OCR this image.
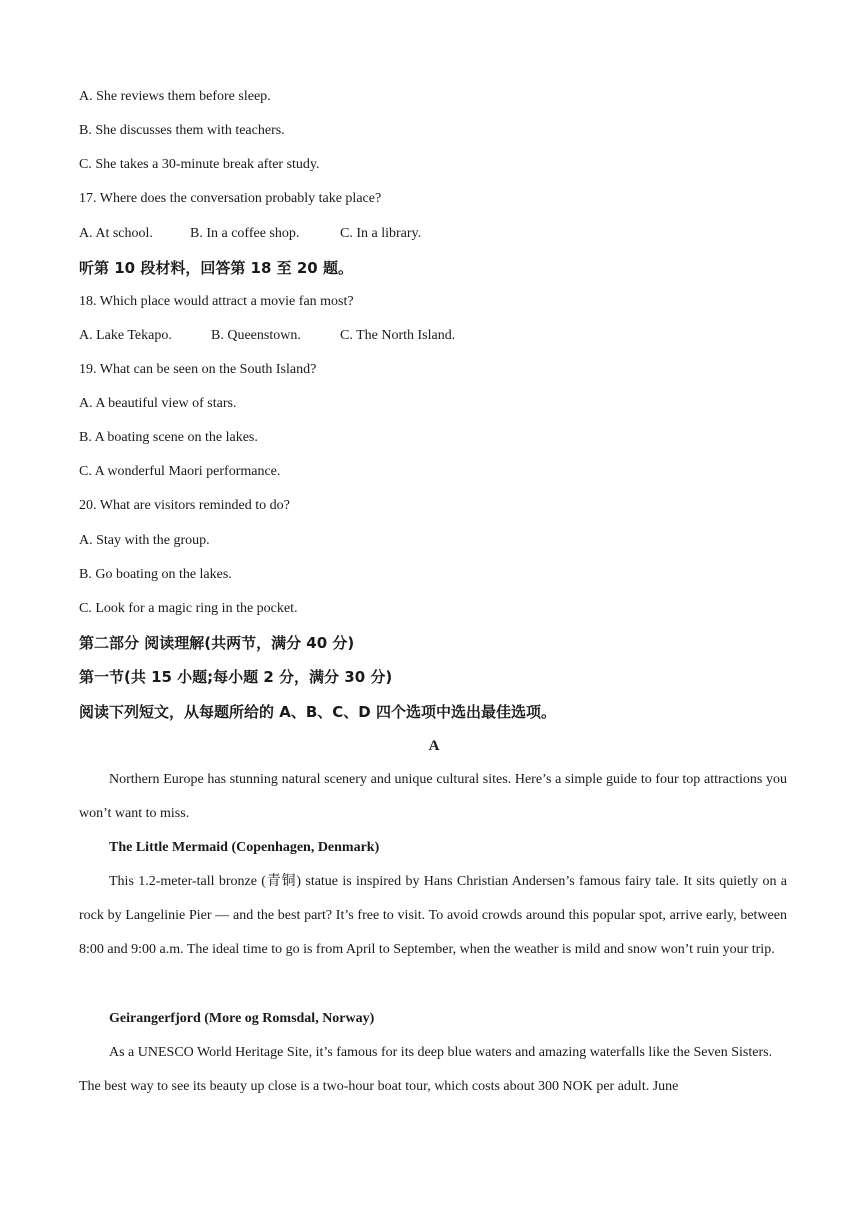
A. She reviews them before sleep.
B. She discusses them with teachers.
C. She takes a 30-minute break after study.
17. Where does the conversation probably take place?
A. At school.	B. In a coffee shop.	C. In a library.
听第 10 段材料，回答第 18 至 20 题。
18. Which place would attract a movie fan most?
A. Lake Tekapo.	B. Queenstown.	C. The North Island.
19. What can be seen on the South Island?
A. A beautiful view of stars.
B. A boating scene on the lakes.
C. A wonderful Maori performance.
20. What are visitors reminded to do?
A. Stay with the group.
B. Go boating on the lakes.
C. Look for a magic ring in the pocket.
第二部分 阅读理解(共两节，满分 40 分)
第一节(共 15 小题;每小题 2 分，满分 30 分)
阅读下列短文，从每题所给的 A、B、C、D 四个选项中选出最佳选项。
A

Northern Europe has stunning natural scenery and unique cultural sites. Here’s a simple guide to four top attractions you won’t want to miss.

The Little Mermaid (Copenhagen, Denmark)

This 1.2-meter-tall bronze (青铜) statue is inspired by Hans Christian Andersen’s famous fairy tale. It sits quietly on a rock by Langelinie Pier — and the best part? It’s free to visit. To avoid crowds around this popular spot, arrive early, between 8:00 and 9:00 a.m. The ideal time to go is from April to September, when the weather is mild and snow won’t ruin your trip.

Geirangerfjord (More og Romsdal, Norway)

As a UNESCO World Heritage Site, it’s famous for its deep blue waters and amazing waterfalls like the Seven Sisters. The best way to see its beauty up close is a two-hour boat tour, which costs about 300 NOK per adult. June
